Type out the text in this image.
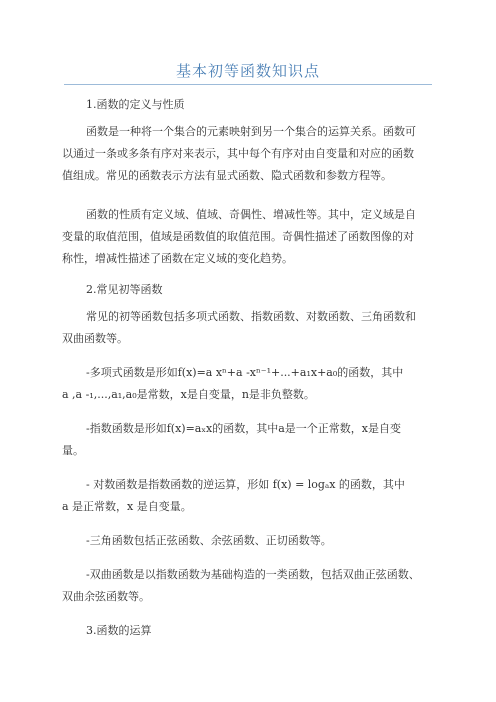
基本初等函数知识点

1.函数的定义与性质

函数是一种将一个集合的元素映射到另一个集合的运算关系。函数可
以通过一条或多条有序对来表示，其中每个有序对由自变量和对应的函数
值组成。常见的函数表示方法有显式函数、隐式函数和参数方程等。

函数的性质有定义域、值域、奇偶性、增减性等。其中，定义域是自
变量的取值范围，值域是函数值的取值范围。奇偶性描述了函数图像的对
称性，增减性描述了函数在定义域的变化趋势。

2.常见初等函数

常见的初等函数包括多项式函数、指数函数、对数函数、三角函数和
双曲函数等。

-多项式函数是形如f(x)=a xⁿ+a -xⁿ⁻¹+...+a₁x+a₀的函数，其中
a ,a -₁,...,a₁,a₀是常数，x是自变量，n是非负整数。

-指数函数是形如f(x)=aₓx的函数，其中a是一个正常数，x是自变
量。

- 对数函数是指数函数的逆运算，形如 f(x) = logₐx 的函数，其中
a 是正常数，x 是自变量。

-三角函数包括正弦函数、余弦函数、正切函数等。

-双曲函数是以指数函数为基础构造的一类函数，包括双曲正弦函数、
双曲余弦函数等。

3.函数的运算
